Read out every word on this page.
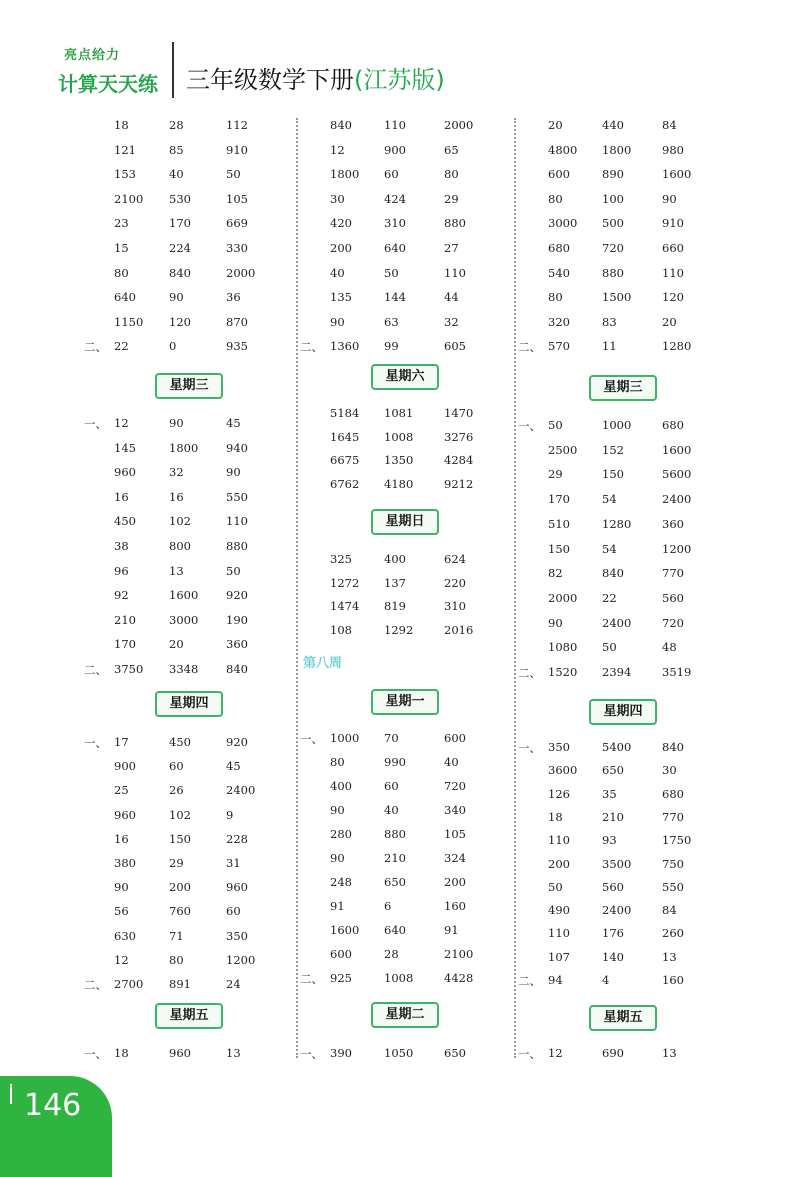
亮点给力
计算天天练 三年级数学下册(江苏版)
18	28	112
121	85	910
153	40	50
2100 530	105
23	170	669
15	224	330
80	840	2000
640	90	36
1150 120	870
二、 22	0	935
星期三
一、 12	90	45
145	1800 940
960	32	90
16	16	550
450	102	110
38	800	880
96	13	50
92	1600 920
210	3000 190
170	20	360
二、 3750 3348 840
星期四
一、 17	450	920
900	60	45
25	26	2400
960	102	9
16	150	228
380	29	31
90	200	960
56	760	60
630	71	350
12	80	1200
二、 2700 891	24
星期五
一、 18	960	13
840	110	2000
12	900	65
1800 60	80
30	424	29
420	310	880
200	640	27
40	50	110
135	144	44
90	63	32
二、 1360 99	605
星期六
5184 1081	1470
1645 1008	3276
6675 1350	4284
6762 4180	9212
星期日
325	400	624
1272 137	220
1474 819	310
108	1292	2016
第八周
星期一
一、 1000 70	600
80	990	40
400	60	720
90	40	340
280	880	105
90	210	324
248	650	200
91	6	160
1600 640	91
600	28	2100
二、 925	1008	4428
星期二
一、 390	1050	650
20	440	84
4800 1800	980
600	890	1600
80	100	90
3000 500	910
680	720	660
540	880	110
80	1500	120
320	83	20
二、 570	11	1280
星期三
一、 50	1000	680
2500 152	1600
29	150	5600
170	54	2400
510	1280	360
150	54	1200
82	840	770
2000 22	560
90	2400	720
1080 50	48
二、 1520 2394	3519
星期四
一、 350	5400	840
3600 650	30
126	35	680
18	210	770
110	93	1750
200	3500	750
50	560	550
490	2400	84
110	176	260
107	140	13
二、 94	4	160
星期五
一、 12	690	13
146
